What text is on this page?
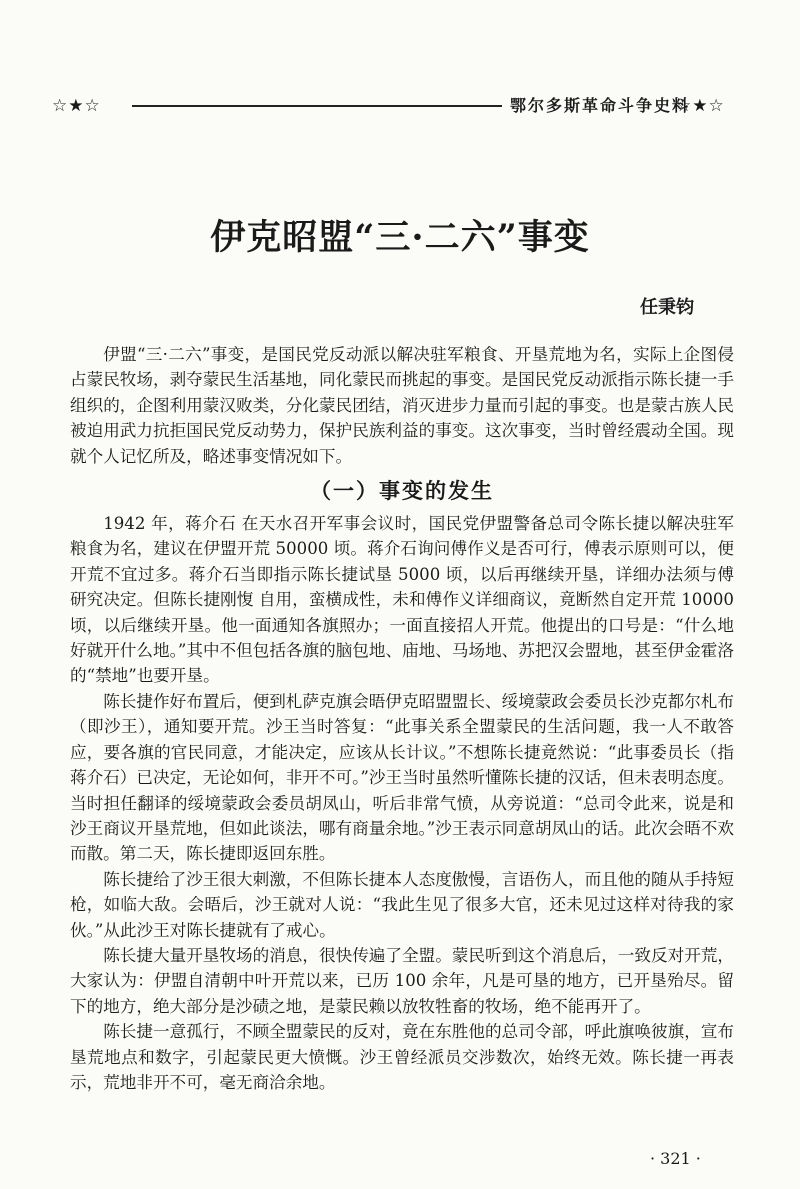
☆★☆	鄂尔多斯革命斗争史料
☆★☆
伊克昭盟“三·二六”事变
任秉钧

伊盟“三·二六”事变，是国民党反动派以解决驻军粮食、开垦荒地为名，实际上企图侵占蒙民牧场，剥夺蒙民生活基地，同化蒙民而挑起的事变。是国民党反动派指示陈长捷一手组织的，企图利用蒙汉败类，分化蒙民团结，消灭进步力量而引起的事变。也是蒙古族人民被迫用武力抗拒国民党反动势力，保护民族利益的事变。这次事变，当时曾经震动全国。现就个人记忆所及，略述事变情况如下。

（一）事变的发生

1942 年，蒋介石 在天水召开军事会议时，国民党伊盟警备总司令陈长捷以解决驻军粮食为名，建议在伊盟开荒 50000 顷。蒋介石询问傅作义是否可行，傅表示原则可以，便开荒不宜过多。蒋介石当即指示陈长捷试垦 5000 顷，以后再继续开垦，详细办法须与傅研究决定。但陈长捷刚愎 自用，蛮横成性，未和傅作义详细商议，竟断然自定开荒 10000 顷，以后继续开垦。他一面通知各旗照办；一面直接招人开荒。他提出的口号是：“什么地好就开什么地。”其中不但包括各旗的脑包地、庙地、马场地、苏把汉会盟地，甚至伊金霍洛的“禁地”也要开垦。

陈长捷作好布置后，便到札萨克旗会晤伊克昭盟盟长、绥境蒙政会委员长沙克都尔札布（即沙王），通知要开荒。沙王当时答复：“此事关系全盟蒙民的生活问题，我一人不敢答应，要各旗的官民同意，才能决定，应该从长计议。”不想陈长捷竟然说：“此事委员长（指蒋介石）已决定，无论如何，非开不可。”沙王当时虽然听懂陈长捷的汉话，但未表明态度。当时担任翻译的绥境蒙政会委员胡凤山，听后非常气愤，从旁说道：“总司令此来，说是和沙王商议开垦荒地，但如此谈法，哪有商量余地。”沙王表示同意胡凤山的话。此次会晤不欢而散。第二天，陈长捷即返回东胜。

陈长捷给了沙王很大刺激，不但陈长捷本人态度傲慢，言语伤人，而且他的随从手持短枪，如临大敌。会晤后，沙王就对人说：“我此生见了很多大官，还未见过这样对待我的家伙。”从此沙王对陈长捷就有了戒心。

陈长捷大量开垦牧场的消息，很快传遍了全盟。蒙民听到这个消息后，一致反对开荒，大家认为：伊盟自清朝中叶开荒以来，已历 100 余年，凡是可垦的地方，已开垦殆尽。留下的地方，绝大部分是沙碛之地，是蒙民赖以放牧牲畜的牧场，绝不能再开了。

陈长捷一意孤行，不顾全盟蒙民的反对，竟在东胜他的总司令部，呼此旗唤彼旗，宣布垦荒地点和数字，引起蒙民更大愤慨。沙王曾经派员交涉数次，始终无效。陈长捷一再表示，荒地非开不可，毫无商洽余地。

· 321 ·
